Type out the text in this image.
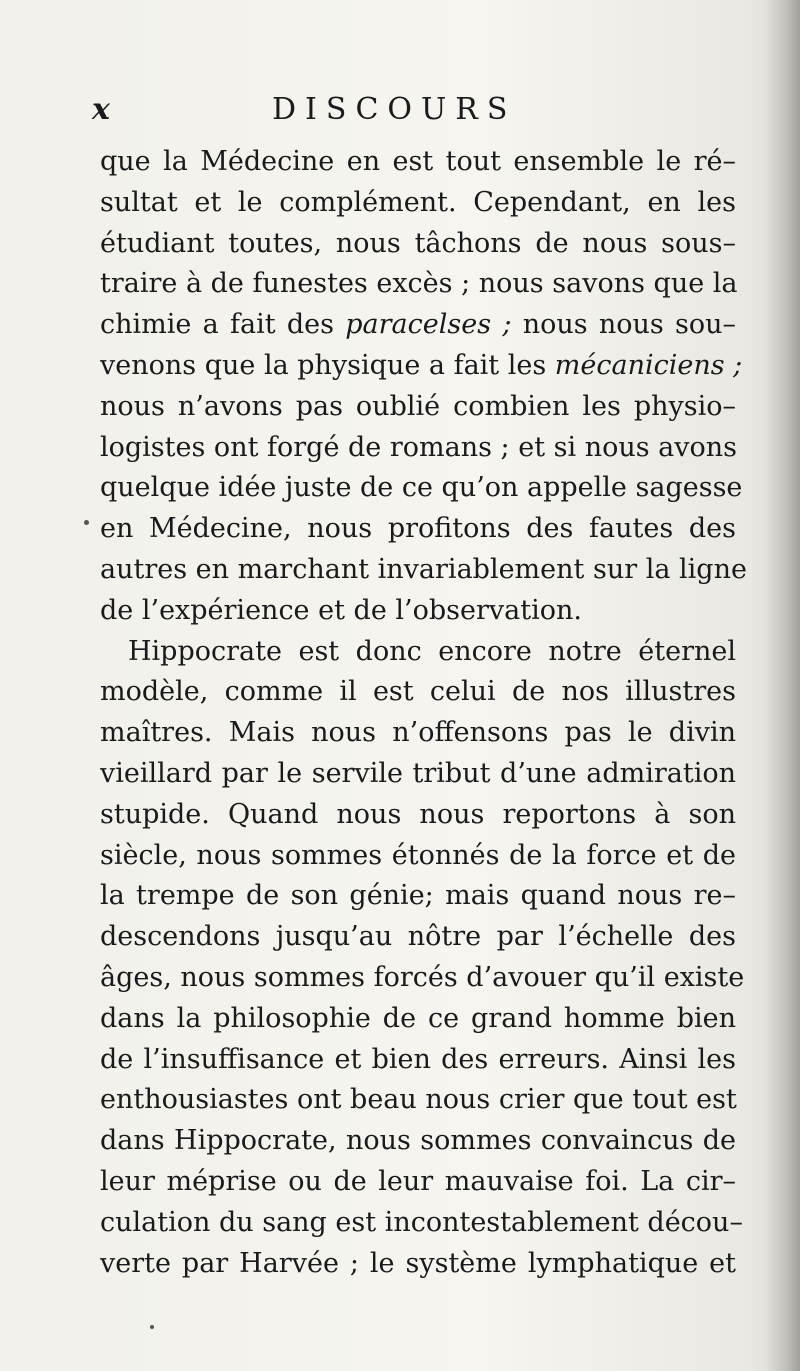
x	DISCOURS
que la Médecine en est tout ensemble le ré–
sultat et le complément. Cependant, en les
étudiant toutes, nous tâchons de nous sous–
traire à de funestes excès ; nous savons que la
chimie a fait des paracelses ; nous nous sou–
venons que la physique a fait les mécaniciens ;
nous n’avons pas oublié combien les physio–
logistes ont forgé de romans ; et si nous avons
quelque idée juste de ce qu’on appelle sagesse
en Médecine, nous profitons des fautes des
autres en marchant invariablement sur la ligne
de l’expérience et de l’observation.
Hippocrate est donc encore notre éternel
modèle, comme il est celui de nos illustres
maîtres. Mais nous n’offensons pas le divin
vieillard par le servile tribut d’une admiration
stupide. Quand nous nous reportons à son
siècle, nous sommes étonnés de la force et de
la trempe de son génie; mais quand nous re–
descendons jusqu’au nôtre par l’échelle des
âges, nous sommes forcés d’avouer qu’il existe
dans la philosophie de ce grand homme bien
de l’insuffisance et bien des erreurs. Ainsi les
enthousiastes ont beau nous crier que tout est
dans Hippocrate, nous sommes convaincus de
leur méprise ou de leur mauvaise foi. La cir–
culation du sang est incontestablement décou–
verte par Harvée ; le système lymphatique et
